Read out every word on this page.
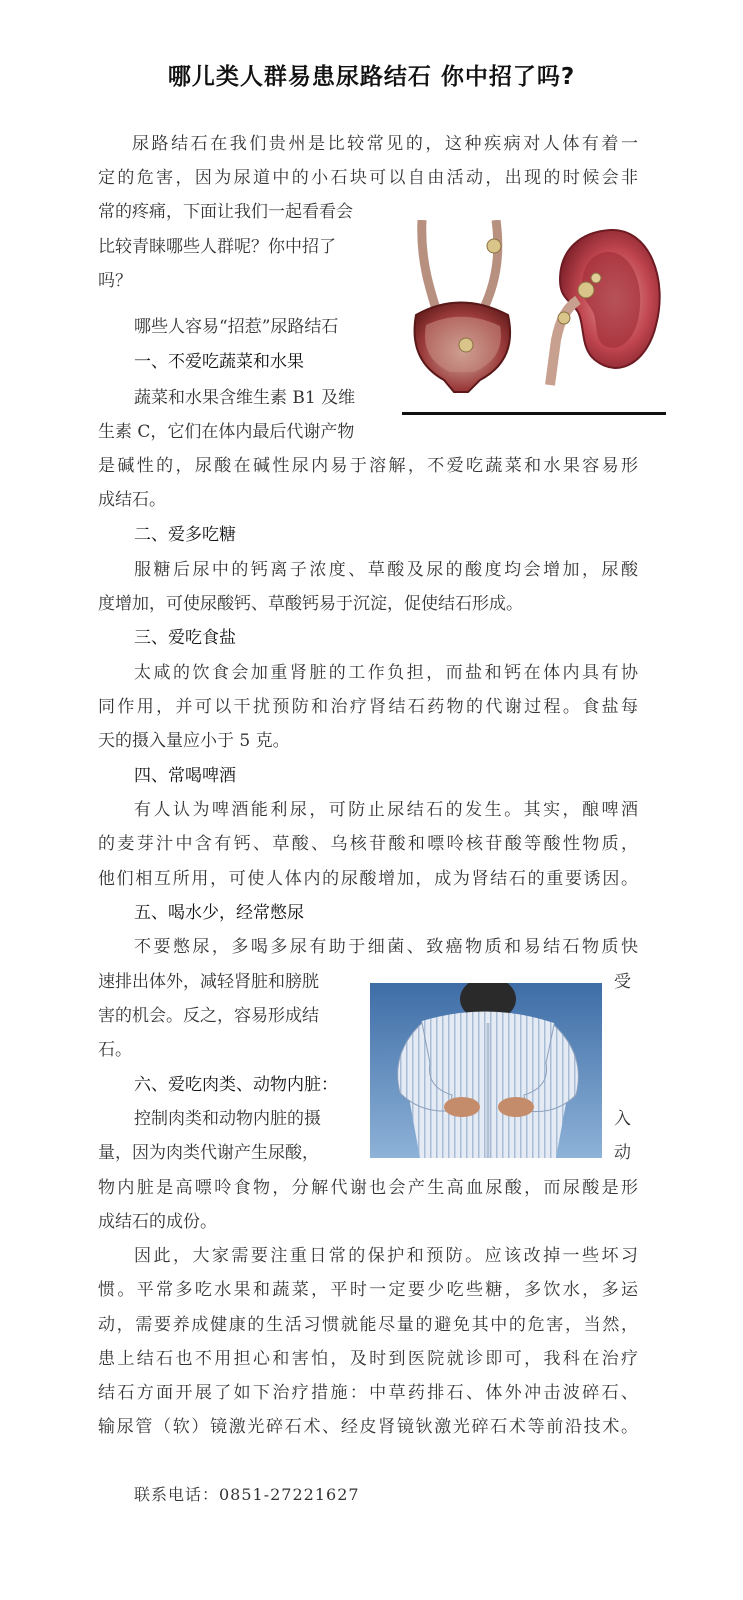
哪儿类人群易患尿路结石 你中招了吗?
尿路结石在我们贵州是比较常见的，这种疾病对人体有着一
定的危害，因为尿道中的小石块可以自由活动，出现的时候会非
常的疼痛，下面让我们一起看看会
比较青睐哪些人群呢？你中招了
吗？
哪些人容易“招惹”尿路结石
一、不爱吃蔬菜和水果
蔬菜和水果含维生素 B1 及维
生素 C，它们在体内最后代谢产物
是碱性的，尿酸在碱性尿内易于溶解，不爱吃蔬菜和水果容易形
成结石。
二、爱多吃糖
服糖后尿中的钙离子浓度、草酸及尿的酸度均会增加，尿酸
度增加，可使尿酸钙、草酸钙易于沉淀，促使结石形成。
三、爱吃食盐
太咸的饮食会加重肾脏的工作负担，而盐和钙在体内具有协
同作用，并可以干扰预防和治疗肾结石药物的代谢过程。食盐每
天的摄入量应小于 5 克。
四、常喝啤酒
有人认为啤酒能利尿，可防止尿结石的发生。其实，酿啤酒
的麦芽汁中含有钙、草酸、乌核苷酸和嘌呤核苷酸等酸性物质，
他们相互所用，可使人体内的尿酸增加，成为肾结石的重要诱因。
五、喝水少，经常憋尿
不要憋尿，多喝多尿有助于细菌、致癌物质和易结石物质快
速排出体外，减轻肾脏和膀胱	受
害的机会。反之，容易形成结
石。
六、爱吃肉类、动物内脏：
控制肉类和动物内脏的摄	入
量，因为肉类代谢产生尿酸，	动
物内脏是高嘌呤食物，分解代谢也会产生高血尿酸，而尿酸是形
成结石的成份。
因此，大家需要注重日常的保护和预防。应该改掉一些坏习
惯。平常多吃水果和蔬菜，平时一定要少吃些糖，多饮水，多运
动，需要养成健康的生活习惯就能尽量的避免其中的危害，当然，
患上结石也不用担心和害怕，及时到医院就诊即可，我科在治疗
结石方面开展了如下治疗措施：中草药排石、体外冲击波碎石、
输尿管（软）镜激光碎石术、经皮肾镜钬激光碎石术等前沿技术。
联系电话：0851-27221627
